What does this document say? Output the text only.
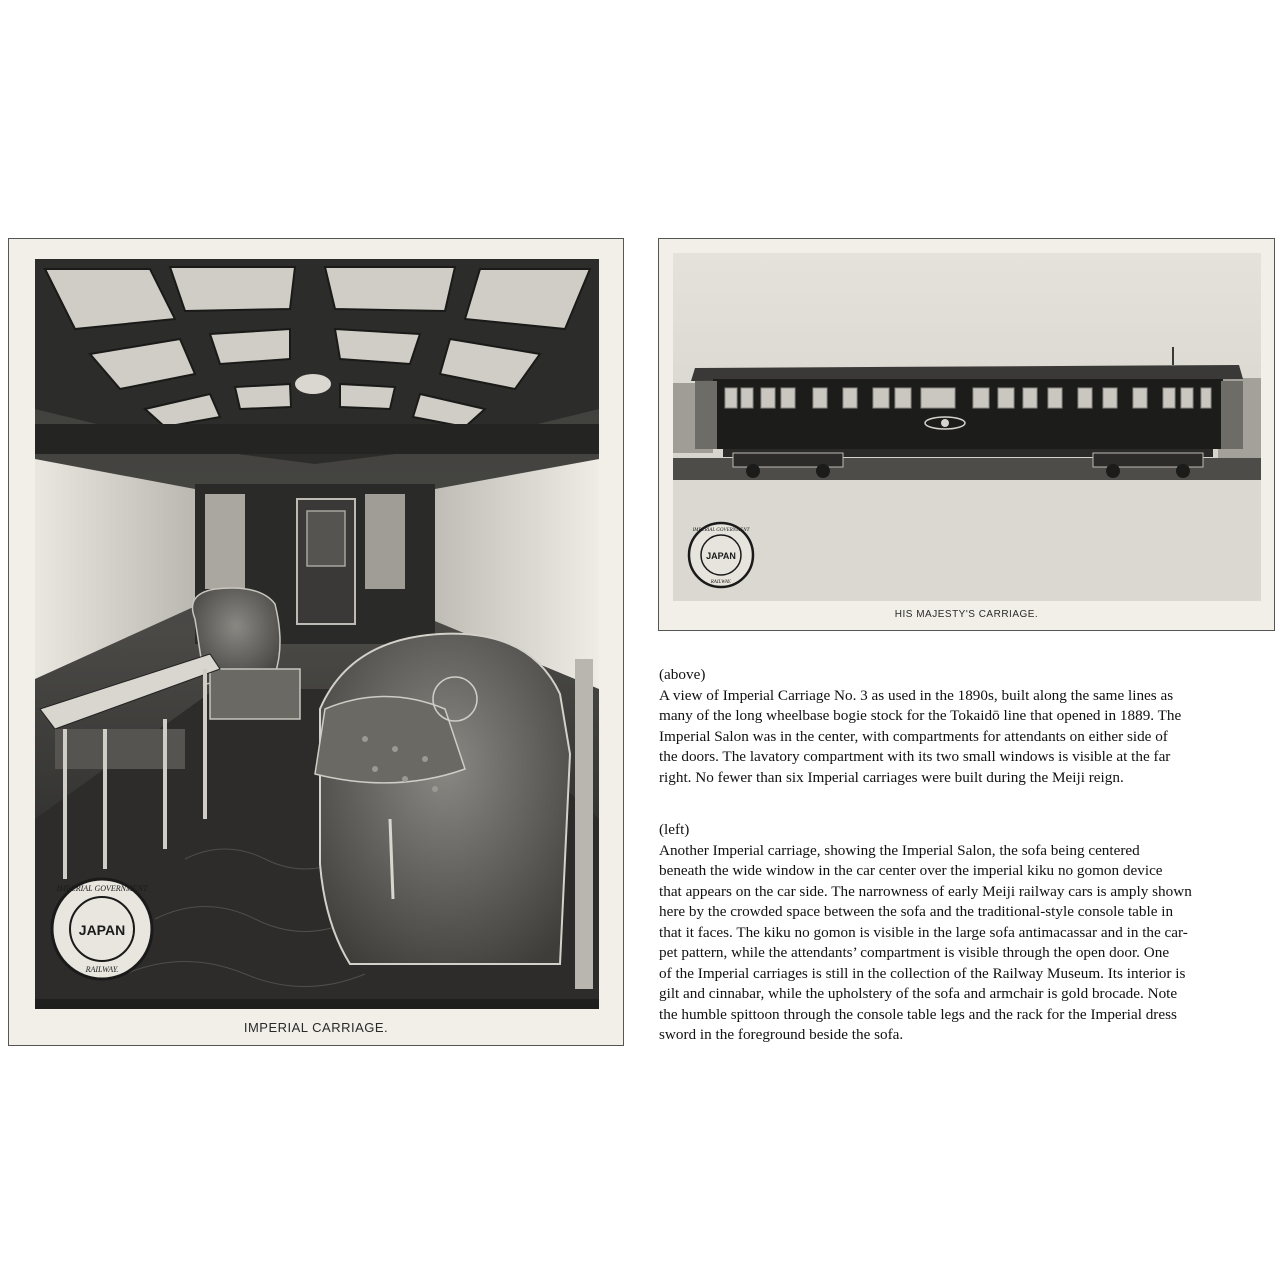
JAPAN
IMPERIAL GOVERNMENT
RAILWAY.
IMPERIAL CARRIAGE.
JAPAN
IMPERIAL GOVERNMENT
RAILWAY.
HIS MAJESTY'S CARRIAGE.
(above)

A view of Imperial Carriage No. 3 as used in the 1890s, built along the same lines as

many of the long wheelbase bogie stock for the Tokaidō line that opened in 1889. The

Imperial Salon was in the center, with compartments for attendants on either side of

the doors. The lavatory compartment with its two small windows is visible at the far

right. No fewer than six Imperial carriages were built during the Meiji reign.

(left)

Another Imperial carriage, showing the Imperial Salon, the sofa being centered

beneath the wide window in the car center over the imperial kiku no gomon device

that appears on the car side. The narrowness of early Meiji railway cars is amply shown

here by the crowded space between the sofa and the traditional-style console table in

that it faces. The kiku no gomon is visible in the large sofa antimacassar and in the car-

pet pattern, while the attendants’ compartment is visible through the open door. One

of the Imperial carriages is still in the collection of the Railway Museum. Its interior is

gilt and cinnabar, while the upholstery of the sofa and armchair is gold brocade. Note

the humble spittoon through the console table legs and the rack for the Imperial dress

sword in the foreground beside the sofa.
